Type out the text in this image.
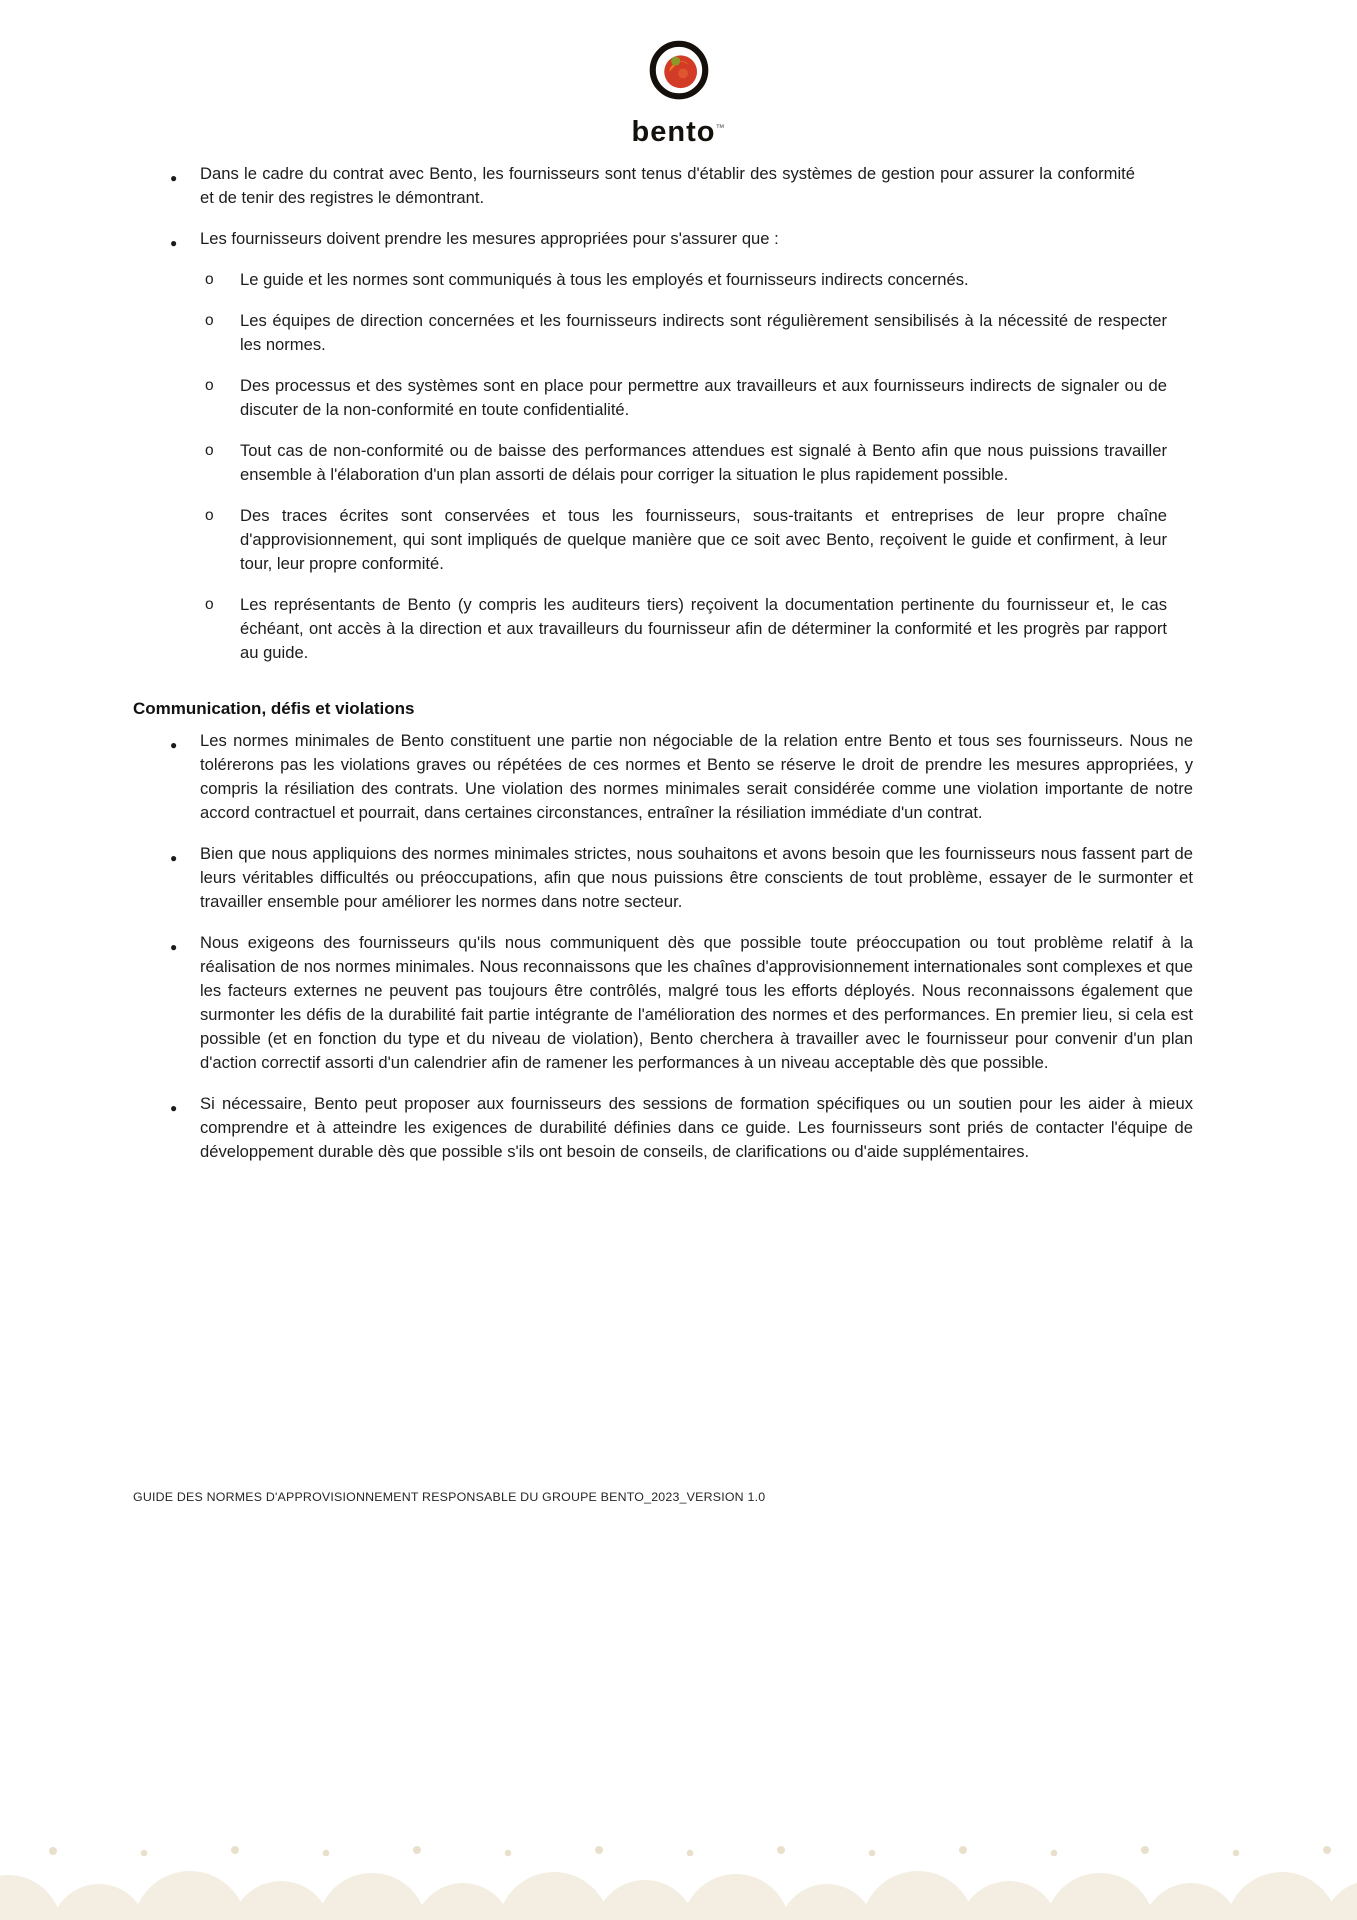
bento™
● Dans le cadre du contrat avec Bento, les fournisseurs sont tenus d'établir des systèmes de gestion pour assurer la conformité et de tenir des registres le démontrant.

● Les fournisseurs doivent prendre les mesures appropriées pour s'assurer que :

o Le guide et les normes sont communiqués à tous les employés et fournisseurs indirects concernés.

o Les équipes de direction concernées et les fournisseurs indirects sont régulièrement sensibilisés à la nécessité de respecter les normes.

o Des processus et des systèmes sont en place pour permettre aux travailleurs et aux fournisseurs indirects de signaler ou de discuter de la non-conformité en toute confidentialité.

o Tout cas de non-conformité ou de baisse des performances attendues est signalé à Bento afin que nous puissions travailler ensemble à l'élaboration d'un plan assorti de délais pour corriger la situation le plus rapidement possible.

o Des traces écrites sont conservées et tous les fournisseurs, sous-traitants et entreprises de leur propre chaîne d'approvisionnement, qui sont impliqués de quelque manière que ce soit avec Bento, reçoivent le guide et confirment, à leur tour, leur propre conformité.

o Les représentants de Bento (y compris les auditeurs tiers) reçoivent la documentation pertinente du fournisseur et, le cas échéant, ont accès à la direction et aux travailleurs du fournisseur afin de déterminer la conformité et les progrès par rapport au guide.

Communication, défis et violations
● Les normes minimales de Bento constituent une partie non négociable de la relation entre Bento et tous ses fournisseurs. Nous ne tolérerons pas les violations graves ou répétées de ces normes et Bento se réserve le droit de prendre les mesures appropriées, y compris la résiliation des contrats. Une violation des normes minimales serait considérée comme une violation importante de notre accord contractuel et pourrait, dans certaines circonstances, entraîner la résiliation immédiate d'un contrat.

● Bien que nous appliquions des normes minimales strictes, nous souhaitons et avons besoin que les fournisseurs nous fassent part de leurs véritables difficultés ou préoccupations, afin que nous puissions être conscients de tout problème, essayer de le surmonter et travailler ensemble pour améliorer les normes dans notre secteur.

● Nous exigeons des fournisseurs qu'ils nous communiquent dès que possible toute préoccupation ou tout problème relatif à la réalisation de nos normes minimales. Nous reconnaissons que les chaînes d'approvisionnement internationales sont complexes et que les facteurs externes ne peuvent pas toujours être contrôlés, malgré tous les efforts déployés. Nous reconnaissons également que surmonter les défis de la durabilité fait partie intégrante de l'amélioration des normes et des performances. En premier lieu, si cela est possible (et en fonction du type et du niveau de violation), Bento cherchera à travailler avec le fournisseur pour convenir d'un plan d'action correctif assorti d'un calendrier afin de ramener les performances à un niveau acceptable dès que possible.

● Si nécessaire, Bento peut proposer aux fournisseurs des sessions de formation spécifiques ou un soutien pour les aider à mieux comprendre et à atteindre les exigences de durabilité définies dans ce guide. Les fournisseurs sont priés de contacter l'équipe de développement durable dès que possible s'ils ont besoin de conseils, de clarifications ou d'aide supplémentaires.

GUIDE DES NORMES D'APPROVISIONNEMENT RESPONSABLE DU GROUPE BENTO_2023_VERSION 1.0
